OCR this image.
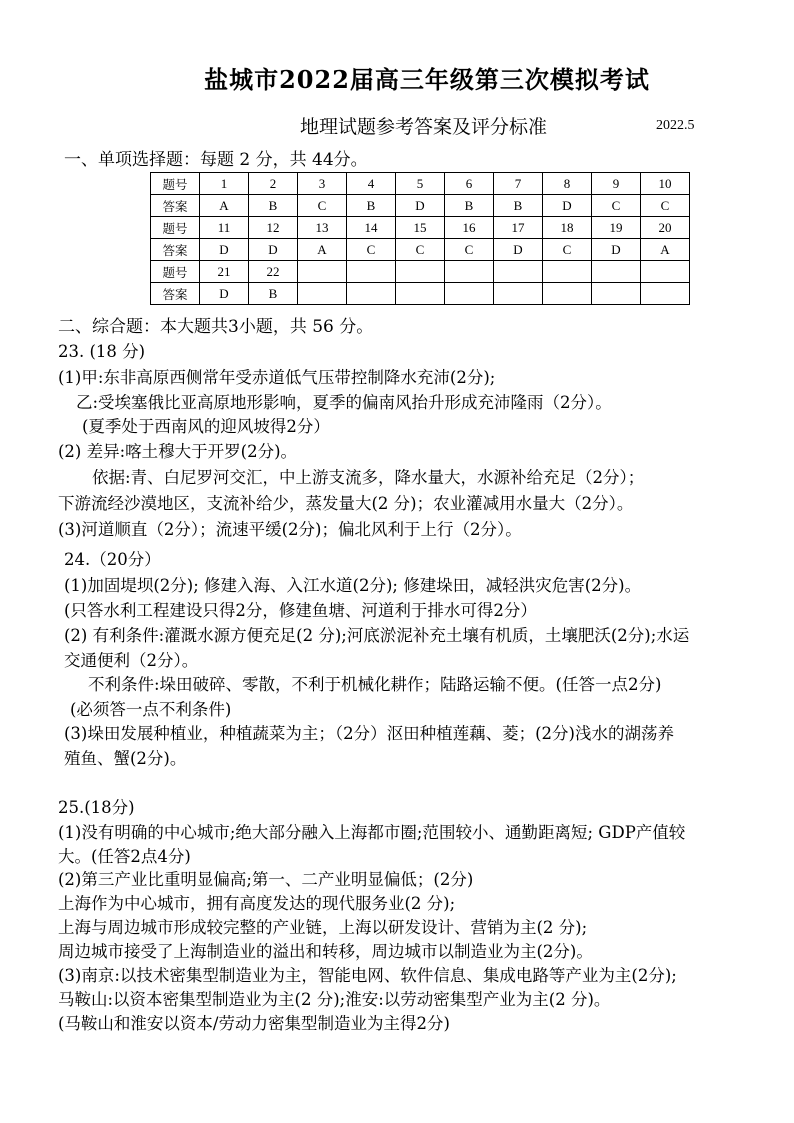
盐城市2022届高三年级第三次模拟考试
地理试题参考答案及评分标准	2022.5
一、单项选择题：每题 2 分，共 44分。
题号	1	2	3	4	5	6	7	8	9	10
答案	A	B	C	B	D	B	B	D	C	C
题号	11	12	13	14	15	16	17	18	19	20
答案	D	D	A	C	C	C	D	C	D	A
题号	21	22								
答案	D	B								
二、综合题：本大题共3小题，共 56 分。
23. (18 分)
(1)甲:东非高原西侧常年受赤道低气压带控制降水充沛(2分);
乙:受埃塞俄比亚高原地形影响，夏季的偏南风抬升形成充沛隆雨（2分）。
(夏季处于西南风的迎风坡得2分）
(2) 差异:喀土穆大于开罗(2分)。
依据:青、白尼罗河交汇，中上游支流多，降水量大，水源补给充足（2分）；
下游流经沙漠地区，支流补给少，蒸发量大(2 分)；农业灌减用水量大（2分）。
(3)河道顺直（2分）；流速平缓(2分)；偏北风利于上行（2分）。
24.（20分）
(1)加固堤坝(2分); 修建入海、入江水道(2分); 修建垛田，减轻洪灾危害(2分)。
(只答水利工程建设只得2分，修建鱼塘、河道利于排水可得2分）
(2) 有利条件:灌溉水源方便充足(2 分);河底淤泥补充土壤有机质，土壤肥沃(2分);水运
交通便利（2分）。
不利条件:垛田破碎、零散，不利于机械化耕作；陆路运输不便。(任答一点2分)
(必须答一点不利条件)
(3)垛田发展种植业，种植蔬菜为主；（2分）沤田种植莲藕、菱；(2分)浅水的湖荡养
殖鱼、蟹(2分)。
25.(18分)
(1)没有明确的中心城市;绝大部分融入上海都市圈;范围较小、通勤距离短; GDP产值较
大。(任答2点4分)
(2)第三产业比重明显偏高;第一、二产业明显偏低；(2分)
上海作为中心城市，拥有高度发达的现代服务业(2 分);
上海与周边城市形成较完整的产业链，上海以研发设计、营销为主(2 分);
周边城市接受了上海制造业的溢出和转移，周边城市以制造业为主(2分)。
(3)南京:以技术密集型制造业为主，智能电网、软件信息、集成电路等产业为主(2分);
马鞍山:以资本密集型制造业为主(2 分);淮安:以劳动密集型产业为主(2 分)。
(马鞍山和淮安以资本/劳动力密集型制造业为主得2分)
